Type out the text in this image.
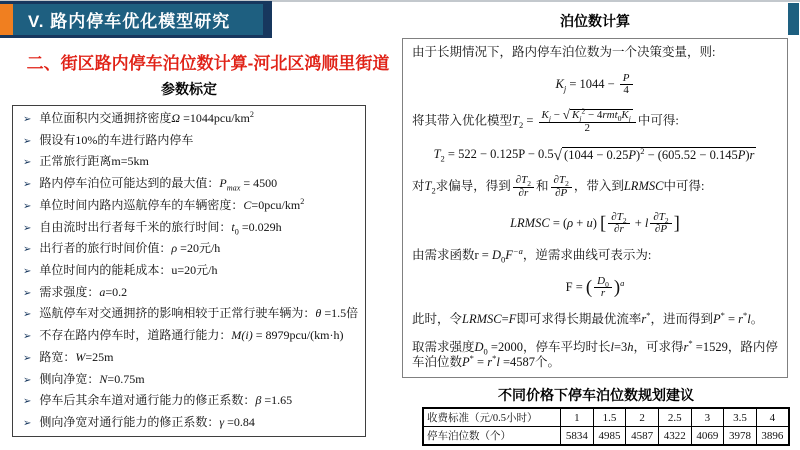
V. 路内停车优化模型研究
二、街区路内停车泊位数计算-河北区鸿顺里街道
参数标定
➢ 单位面积内交通拥挤密度$\Omega =1044pcu/km^2$
➢ 假设有10%的车进行路内停车
➢ 正常旅行距离m=5km
➢ 路内停车泊位可能达到的最大值：$P_{max} = 4500$
➢ 单位时间内路内巡航停车的车辆密度：$C=0pcu/km^2$
➢ 自由流时出行者每千米的旅行时间：$t_0 =0.029h$
➢ 出行者的旅行时间价值：ρ =20元/h
➢ 单位时间内的能耗成本：u=20元/h
➢ 需求强度：a=0.2
➢ 巡航停车对交通拥挤的影响相较于正常行驶车辆为：θ =1.5倍
➢ 不存在路内停车时，道路通行能力：M(i) = 8979pcu/(km·h)
➢ 路宽：W=25m
➢ 侧向净宽：N=0.75m
➢ 停车后其余车道对通行能力的修正系数：β =1.65
➢ 侧向净宽对通行能力的修正系数：γ =0.84
泊位数计算
由于长期情况下，路内停车泊位数为一个决策变量，则:
$K_j = 1044 - \frac{P}{4}$
将其带入优化模型$T_2 = \frac{K_j - √ K_j^2 - 4rmt_0K_j}{2}$ 中可得:
$T_2 = 522 - 0.125P - 0.5$ √ $(1044 - 0.25P)^2 - (605.52 - 0.145P)r$
对$T_2$求偏导，得到 $\frac{\partial T_2}{\partial r}$ 和 $\frac{\partial T_2}{\partial P}$ ，带入到LRMSC中可得:
LRMSC = (ρ + u) [ $\frac{\partial T_2}{\partial r} + l \frac{\partial T_2}{\partial P}$ ]
由需求函数$r = D_0F^{-a}$，逆需求曲线可表示为:
F = ( $\frac{D_0}{r} )^a$
此时，令LRMSC=F即可求得长期最优流率r*，进而得到P* = r*l。
取需求强度$D_0 =2000$，停车平均时长l=3h，可求得r* =1529，路内停车泊位数P* = r*l =4587个。
不同价格下停车泊位数规划建议
收费标准（元/0.5小时）	1	1.5	2	2.5	3	3.5	4
停车泊位数（个）	5834	4985	4587	4322	4069	3978	3896
